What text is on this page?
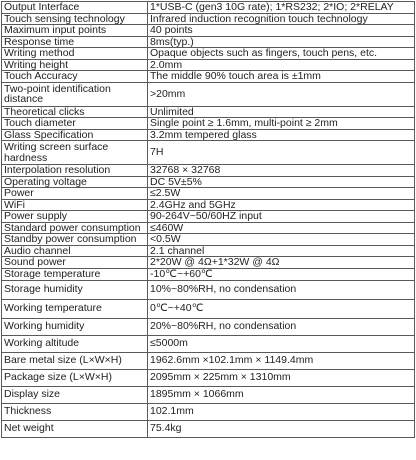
Output Interface	1*USB-C (gen3 10G rate); 1*RS232; 2*IO; 2*RELAY
Touch sensing technology	Infrared induction recognition touch technology
Maximum input points	40 points
Response time	8ms(typ.)
Writing method	Opaque objects such as fingers, touch pens, etc.
Writing height	2.0mm
Touch Accuracy	The middle 90% touch area is ±1mm
Two-point identification distance	>20mm
Theoretical clicks	Unlimited
Touch diameter	Single point ≥ 1.6mm, multi-point ≥ 2mm
Glass Specification	3.2mm tempered glass
Writing screen surface hardness	7H
Interpolation resolution	32768 × 32768
Operating voltage	DC 5V±5%
Power	≤2.5W
WiFi	2.4GHz and 5GHz
Power supply	90-264V~50/60HZ input
Standard power consumption	≤460W
Standby power consumption	<0.5W
Audio channel	2.1 channel
Sound power	2*20W @ 4Ω+1*32W @ 4Ω
Storage temperature	-10℃~+60℃
Storage humidity	10%~80%RH, no condensation
Working temperature	0℃~+40℃
Working humidity	20%~80%RH, no condensation
Working altitude	≤5000m
Bare metal size (L×W×H)	1962.6mm ×102.1mm × 1149.4mm
Package size (L×W×H)	2095mm × 225mm × 1310mm
Display size	1895mm × 1066mm
Thickness	102.1mm
Net weight	75.4kg
